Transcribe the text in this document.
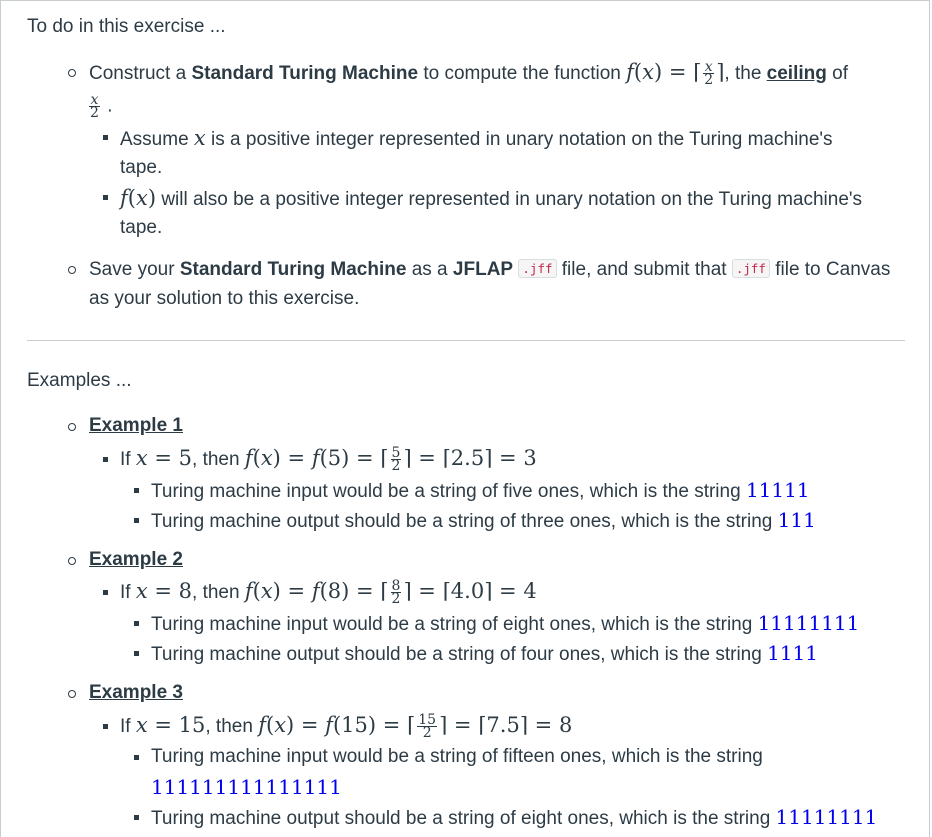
To do in this exercise ...
Construct a Standard Turing Machine to compute the function f(x) = ⌈ $\frac{x}{2}$ ⌉, the ceiling of
$\frac{x}{2}$ .
Assume x is a positive integer represented in unary notation on the Turing machine's
tape.
f(x) will also be a positive integer represented in unary notation on the Turing machine's
tape.
Save your Standard Turing Machine as a JFLAP .jff file, and submit that .jff file to Canvas
as your solution to this exercise.
Examples ...
Example 1
If x = 5, then f(x) = f(5) = ⌈ $\frac{5}{2}$ ⌉ = ⌈2.5⌉ = 3
Turing machine input would be a string of five ones, which is the string 11111
Turing machine output should be a string of three ones, which is the string 111
Example 2
If x = 8, then f(x) = f(8) = ⌈ $\frac{8}{2}$ ⌉ = ⌈4.0⌉ = 4
Turing machine input would be a string of eight ones, which is the string 11111111
Turing machine output should be a string of four ones, which is the string 1111
Example 3
If x = 15, then f(x) = f(15) = ⌈ $\frac{15}{2}$ ⌉ = ⌈7.5⌉ = 8
Turing machine input would be a string of fifteen ones, which is the string
111111111111111
Turing machine output should be a string of eight ones, which is the string 11111111
